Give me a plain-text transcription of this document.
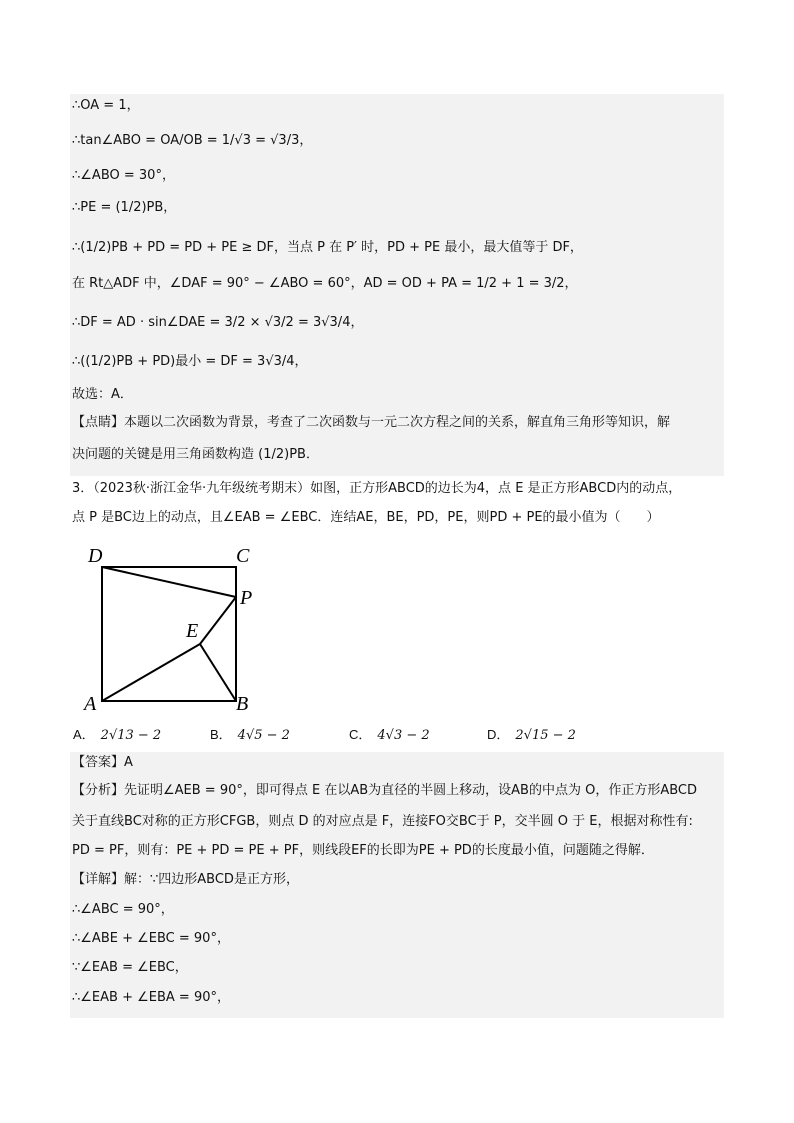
∴OA = 1，
∴tan∠ABO = OA/OB = 1/√3 = √3/3，
∴∠ABO = 30°，
∴PE = (1/2)PB，
∴(1/2)PB + PD = PD + PE ≥ DF，当点 P 在 P′ 时，PD + PE 最小，最大值等于 DF，
在 Rt△ADF 中，∠DAF = 90° − ∠ABO = 60°，AD = OD + PA = 1/2 + 1 = 3/2，
∴DF = AD · sin∠DAE = 3/2 × √3/2 = 3√3/4，
∴((1/2)PB + PD)最小 = DF = 3√3/4，
故选：A．
【点睛】本题以二次函数为背景，考查了二次函数与一元二次方程之间的关系，解直角三角形等知识，解
决问题的关键是用三角函数构造 (1/2)PB．
3．（2023秋·浙江金华·九年级统考期末）如图，正方形ABCD的边长为4，点 E 是正方形ABCD内的动点，
点 P 是BC边上的动点，且∠EAB = ∠EBC．连结AE，BE，PD，PE，则PD + PE的最小值为（　　）
D	C
P
E
A	B
A． 2√13 − 2	B． 4√5 − 2	C． 4√3 − 2	D． 2√15 − 2
【答案】A
【分析】先证明∠AEB = 90°，即可得点 E 在以AB为直径的半圆上移动，设AB的中点为 O，作正方形ABCD
关于直线BC对称的正方形CFGB，则点 D 的对应点是 F，连接FO交BC于 P，交半圆 O 于 E，根据对称性有:
PD = PF，则有：PE + PD = PE + PF，则线段EF的长即为PE + PD的长度最小值，问题随之得解．
【详解】解：∵四边形ABCD是正方形，
∴∠ABC = 90°，
∴∠ABE + ∠EBC = 90°，
∵∠EAB = ∠EBC，
∴∠EAB + ∠EBA = 90°，
